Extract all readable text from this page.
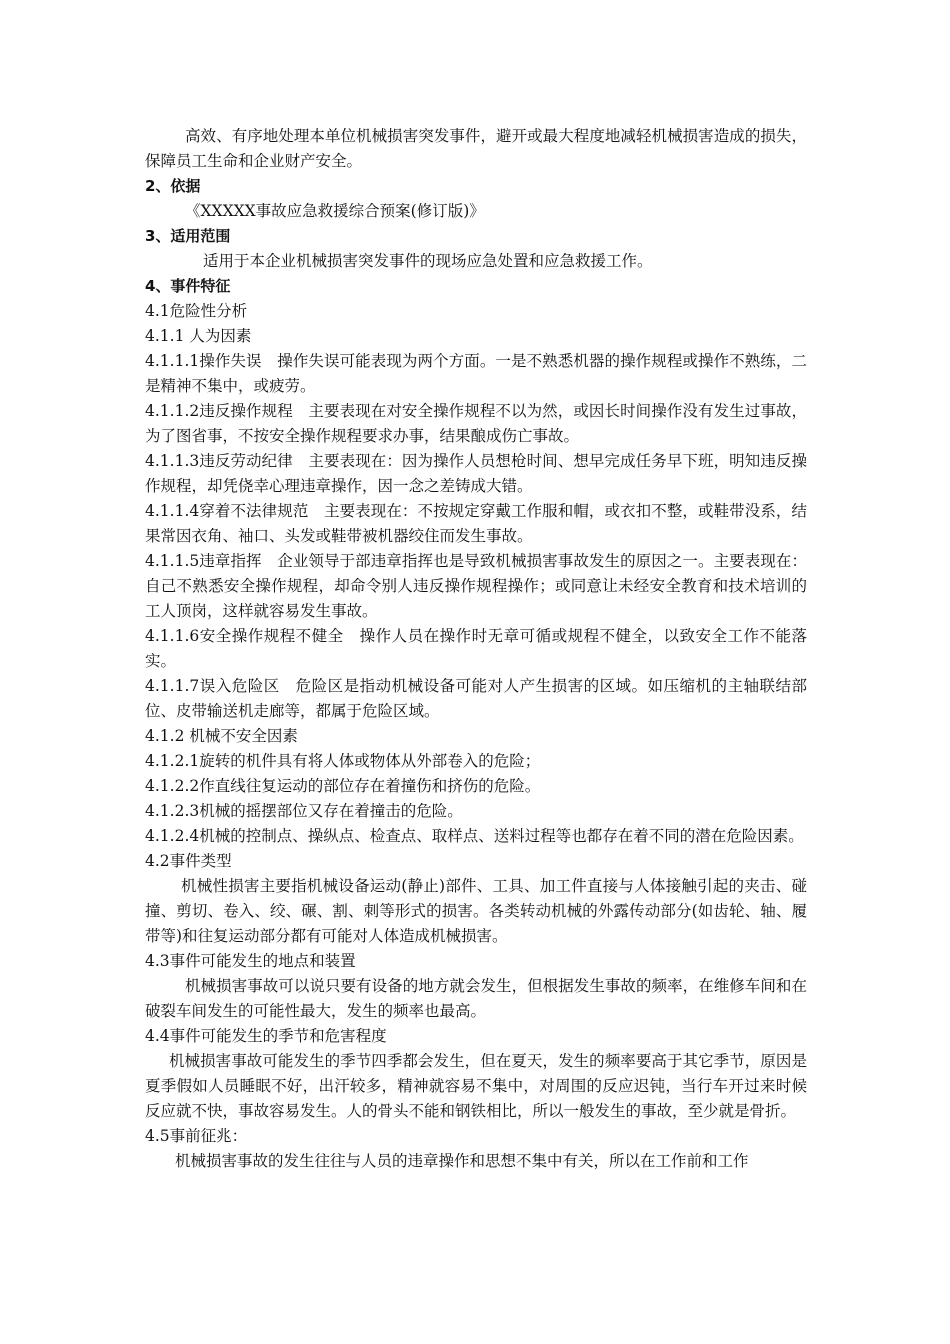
高效、有序地处理本单位机械损害突发事件，避开或最大程度地减轻机械损害造成的损失，保障员工生命和企业财产安全。

2、依据

《XXXXX事故应急救援综合预案(修订版)》

3、适用范围

适用于本企业机械损害突发事件的现场应急处置和应急救援工作。

4、事件特征

4.1危险性分析

4.1.1 人为因素

4.1.1.1操作失误　操作失误可能表现为两个方面。一是不熟悉机器的操作规程或操作不熟练，二是精神不集中，或疲劳。

4.1.1.2违反操作规程　主要表现在对安全操作规程不以为然，或因长时间操作没有发生过事故，为了图省事，不按安全操作规程要求办事，结果酿成伤亡事故。

4.1.1.3违反劳动纪律　主要表现在：因为操作人员想枪时间、想早完成任务早下班，明知违反操作规程，却凭侥幸心理违章操作，因一念之差铸成大错。

4.1.1.4穿着不法律规范　主要表现在：不按规定穿戴工作服和帽，或衣扣不整，或鞋带没系，结果常因衣角、袖口、头发或鞋带被机器绞住而发生事故。

4.1.1.5违章指挥　企业领导于部违章指挥也是导致机械损害事故发生的原因之一。主要表现在：自己不熟悉安全操作规程，却命令别人违反操作规程操作；或同意让未经安全教育和技术培训的工人顶岗，这样就容易发生事故。

4.1.1.6安全操作规程不健全　操作人员在操作时无章可循或规程不健全，以致安全工作不能落实。

4.1.1.7误入危险区　危险区是指动机械设备可能对人产生损害的区域。如压缩机的主轴联结部位、皮带输送机走廊等，都属于危险区域。

4.1.2 机械不安全因素

4.1.2.1旋转的机件具有将人体或物体从外部卷入的危险；

4.1.2.2作直线往复运动的部位存在着撞伤和挤伤的危险。

4.1.2.3机械的摇摆部位又存在着撞击的危险。

4.1.2.4机械的控制点、操纵点、检查点、取样点、送料过程等也都存在着不同的潜在危险因素。

4.2事件类型

机械性损害主要指机械设备运动(静止)部件、工具、加工件直接与人体接触引起的夹击、碰撞、剪切、卷入、绞、碾、割、刺等形式的损害。各类转动机械的外露传动部分(如齿轮、轴、履带等)和往复运动部分都有可能对人体造成机械损害。

4.3事件可能发生的地点和装置

机械损害事故可以说只要有设备的地方就会发生，但根据发生事故的频率，在维修车间和在破裂车间发生的可能性最大，发生的频率也最高。

4.4事件可能发生的季节和危害程度

机械损害事故可能发生的季节四季都会发生，但在夏天，发生的频率要高于其它季节，原因是夏季假如人员睡眠不好，出汗较多，精神就容易不集中，对周围的反应迟钝，当行车开过来时候反应就不快，事故容易发生。人的骨头不能和钢铁相比，所以一般发生的事故，至少就是骨折。

4.5事前征兆：

机械损害事故的发生往往与人员的违章操作和思想不集中有关，所以在工作前和工作
